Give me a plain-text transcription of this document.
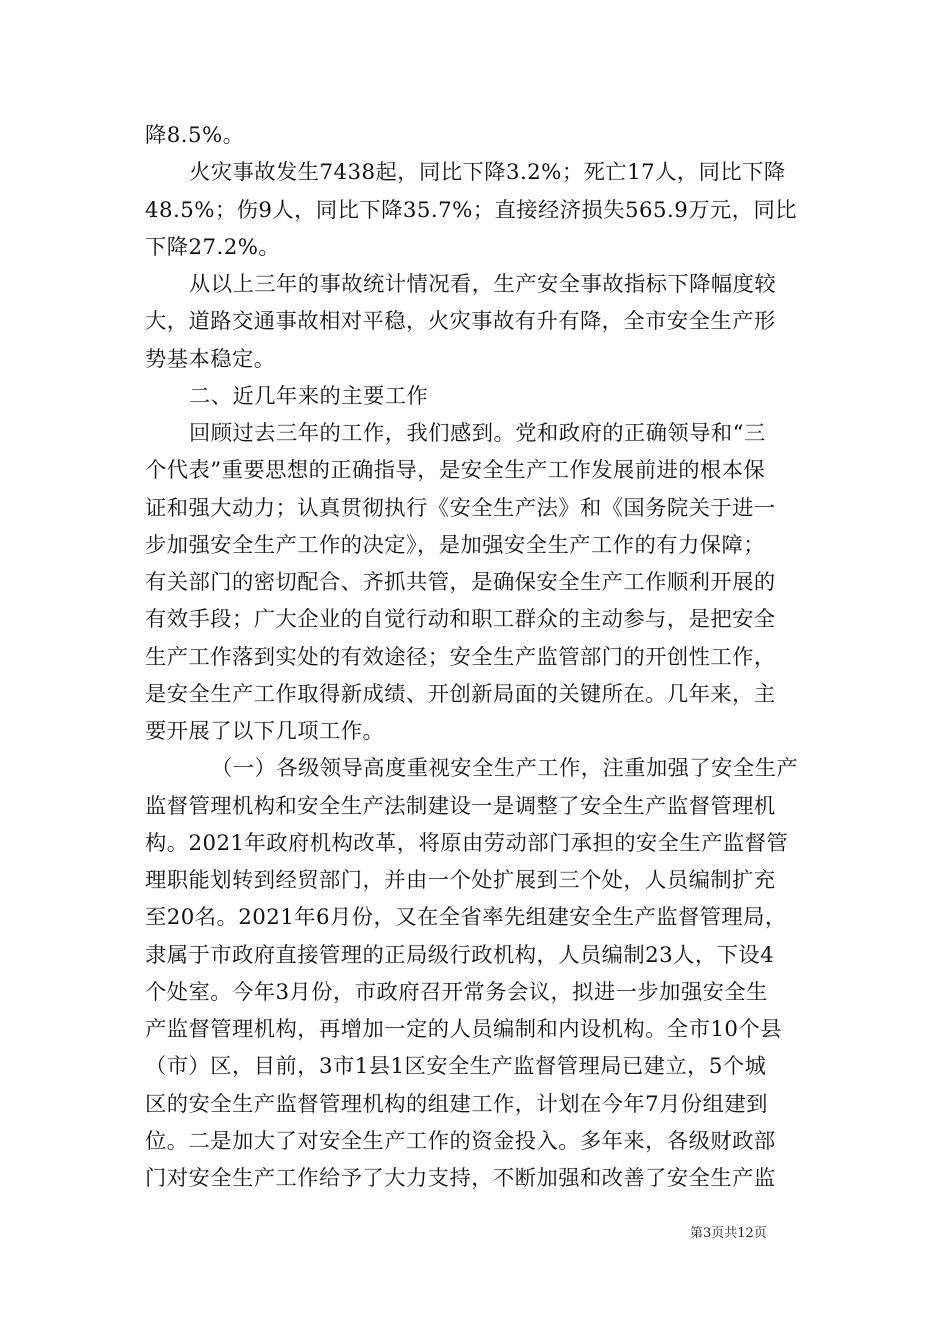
降8.5%。

火灾事故发生7438起，同比下降3.2%；死亡17人，同比下降
48.5%；伤9人，同比下降35.7%；直接经济损失565.9万元，同比
下降27.2%。

从以上三年的事故统计情况看，生产安全事故指标下降幅度较
大，道路交通事故相对平稳，火灾事故有升有降，全市安全生产形
势基本稳定。

二、近几年来的主要工作

回顾过去三年的工作，我们感到。党和政府的正确领导和“三
个代表”重要思想的正确指导，是安全生产工作发展前进的根本保
证和强大动力；认真贯彻执行《安全生产法》和《国务院关于进一
步加强安全生产工作的决定》，是加强安全生产工作的有力保障；
有关部门的密切配合、齐抓共管，是确保安全生产工作顺利开展的
有效手段；广大企业的自觉行动和职工群众的主动参与，是把安全
生产工作落到实处的有效途径；安全生产监管部门的开创性工作，
是安全生产工作取得新成绩、开创新局面的关键所在。几年来，主
要开展了以下几项工作。

（一）各级领导高度重视安全生产工作，注重加强了安全生产
监督管理机构和安全生产法制建设一是调整了安全生产监督管理机
构。2021年政府机构改革，将原由劳动部门承担的安全生产监督管
理职能划转到经贸部门，并由一个处扩展到三个处，人员编制扩充
至20名。2021年6月份，又在全省率先组建安全生产监督管理局，
隶属于市政府直接管理的正局级行政机构，人员编制23人，下设4
个处室。今年3月份，市政府召开常务会议，拟进一步加强安全生
产监督管理机构，再增加一定的人员编制和内设机构。全市10个县
（市）区，目前，3市1县1区安全生产监督管理局已建立，5个城
区的安全生产监督管理机构的组建工作，计划在今年7月份组建到
位。二是加大了对安全生产工作的资金投入。多年来，各级财政部
门对安全生产工作给予了大力支持，不断加强和改善了安全生产监

第3页共12页
